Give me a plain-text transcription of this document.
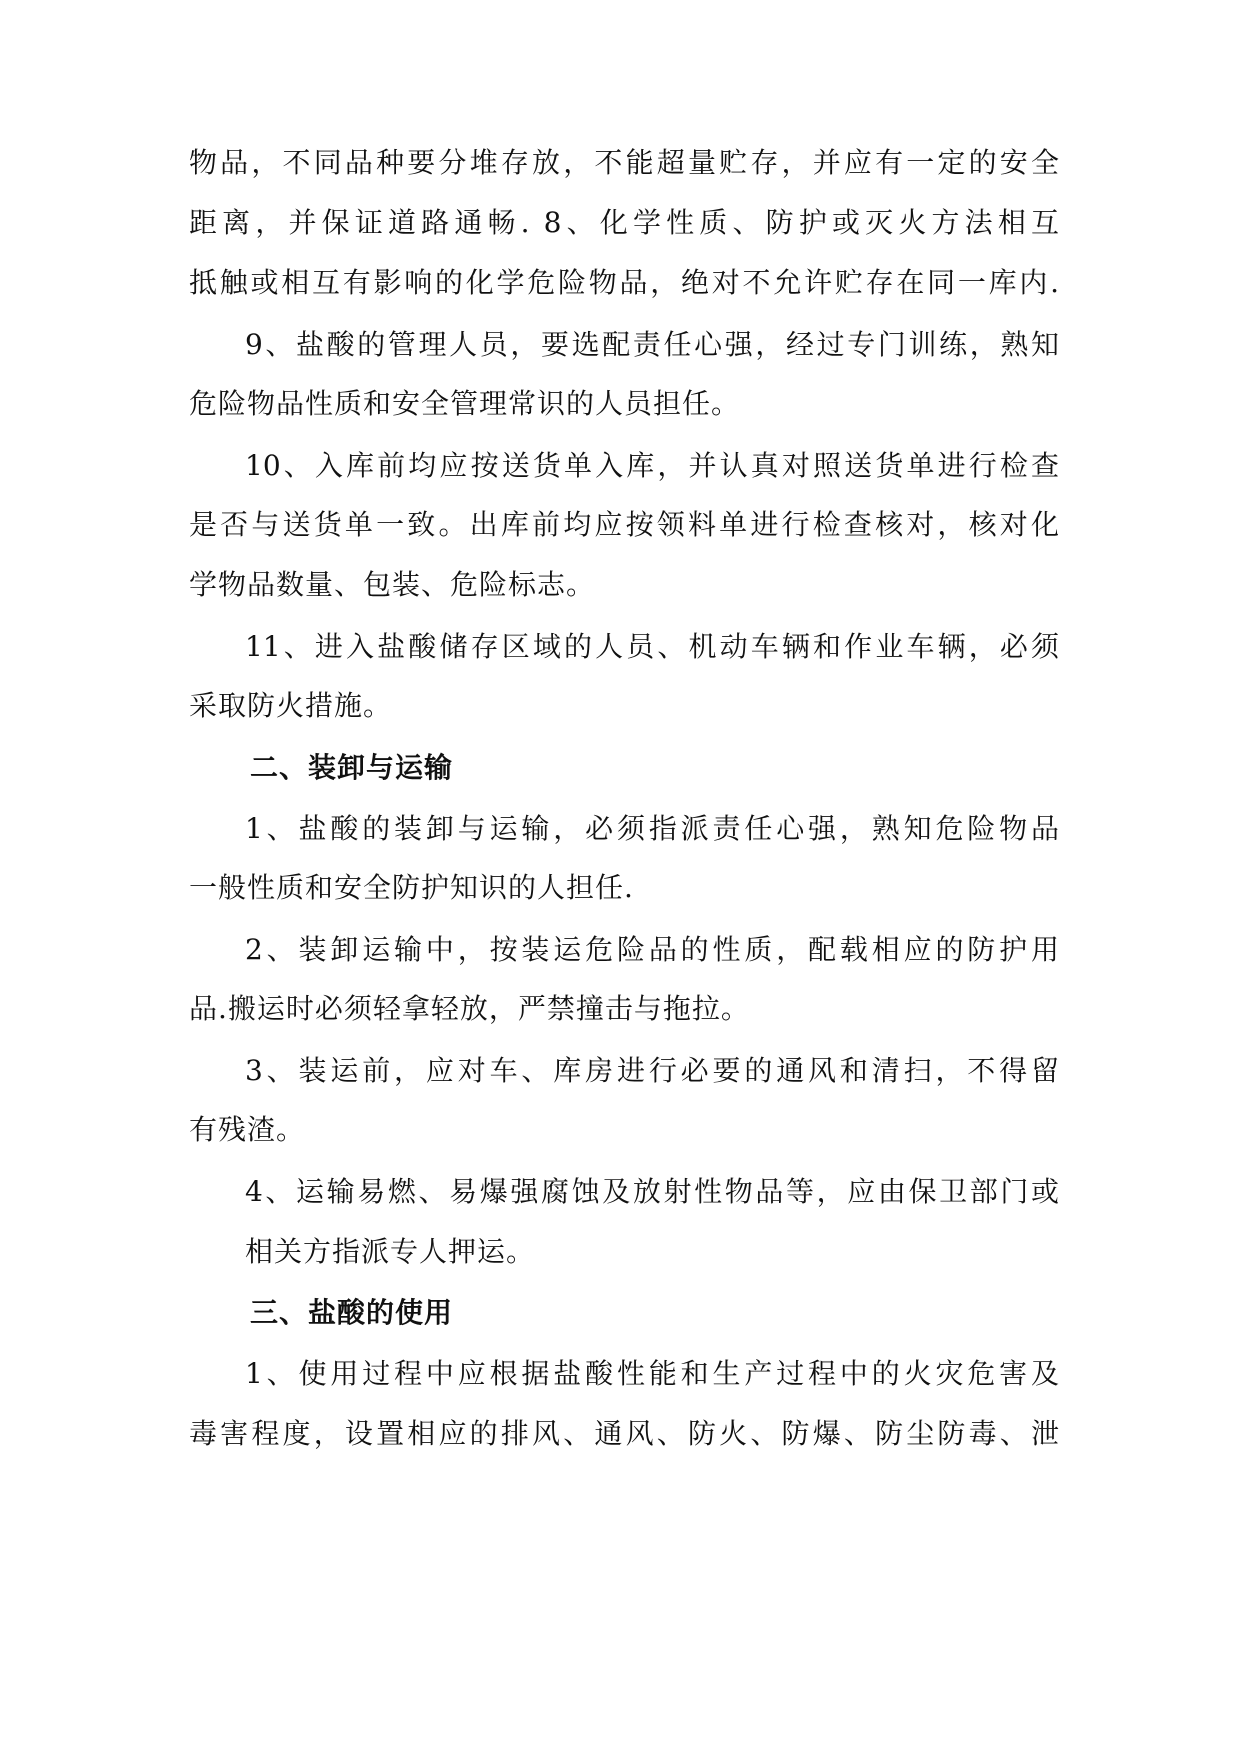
物品，不同品种要分堆存放，不能超量贮存，并应有一定的安全
距离，并保证道路通畅. 8、化学性质、防护或灭火方法相互
抵触或相互有影响的化学危险物品，绝对不允许贮存在同一库内.
9、盐酸的管理人员，要选配责任心强，经过专门训练，熟知
危险物品性质和安全管理常识的人员担任。
10、入库前均应按送货单入库，并认真对照送货单进行检查
是否与送货单一致。出库前均应按领料单进行检查核对，核对化
学物品数量、包装、危险标志。
11、进入盐酸储存区域的人员、机动车辆和作业车辆，必须
采取防火措施。
二、装卸与运输
1、盐酸的装卸与运输，必须指派责任心强，熟知危险物品
一般性质和安全防护知识的人担任.
2、装卸运输中，按装运危险品的性质，配载相应的防护用
品.搬运时必须轻拿轻放，严禁撞击与拖拉。
3、装运前，应对车、库房进行必要的通风和清扫，不得留
有残渣。
4、运输易燃、易爆强腐蚀及放射性物品等，应由保卫部门或
相关方指派专人押运。
三、盐酸的使用
1、使用过程中应根据盐酸性能和生产过程中的火灾危害及
毒害程度，设置相应的排风、通风、防火、防爆、防尘防毒、泄
